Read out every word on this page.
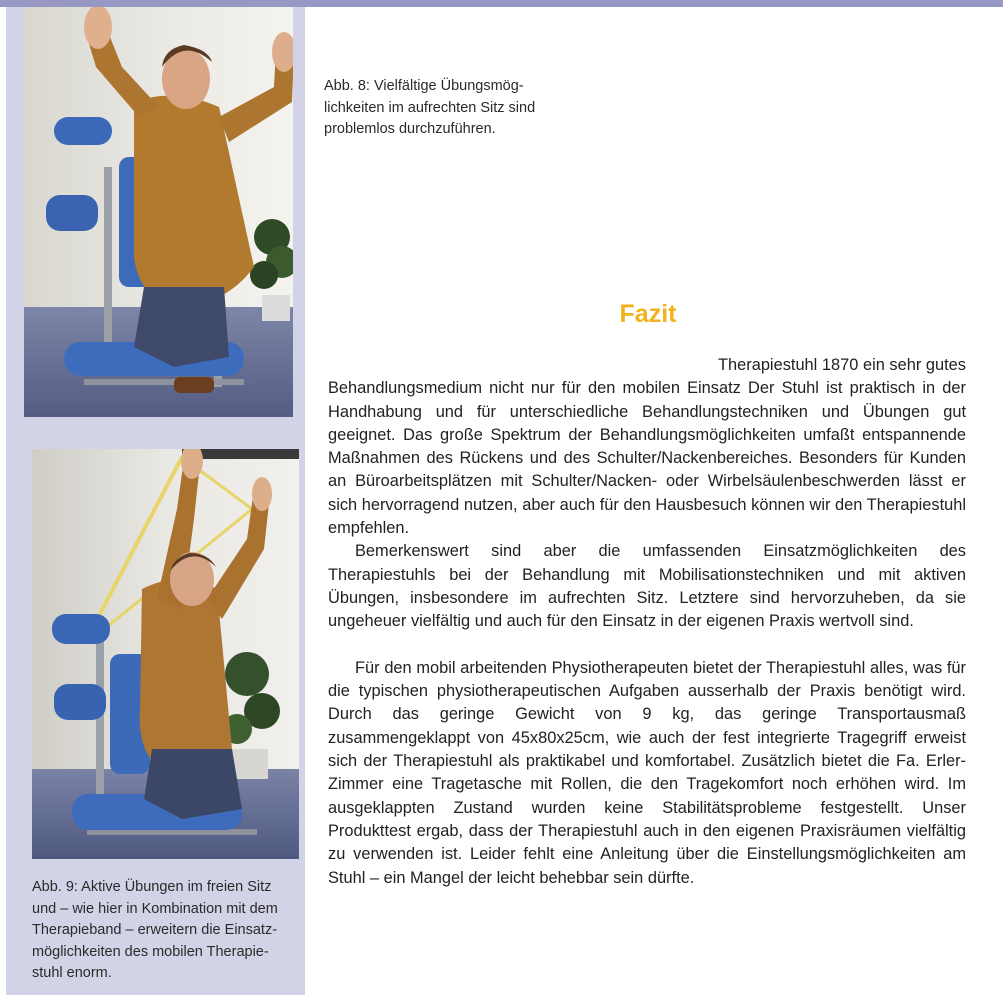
Abb. 8: Vielfältige Übungsmög-

lichkeiten im aufrechten Sitz sind

problemlos durchzuführen.

Abb. 9: Aktive Übungen im freien Sitz

und – wie hier in Kombination mit dem

Therapieband – erweitern die Einsatz-

möglichkeiten des mobilen Therapie-

stuhl enorm.

Fazit

Therapiestuhl 1870 ein sehr gutes Behandlungsmedium nicht nur für den mobilen Einsatz Der Stuhl ist praktisch in der Handhabung und für unterschiedliche Behandlungstechniken und Übungen gut geeignet. Das große Spektrum der Behandlungsmöglichkeiten umfaßt entspannende Maßnahmen des Rückens und des Schulter/Nackenbereiches. Besonders für Kunden an Büroarbeitsplätzen mit Schulter/Nacken- oder Wirbelsäulenbeschwerden lässt er sich hervorragend nutzen, aber auch für den Hausbesuch können wir den Therapiestuhl empfehlen.

Bemerkenswert sind aber die umfassenden Einsatzmöglichkeiten des Therapiestuhls bei der Behandlung mit Mobilisationstechniken und mit aktiven Übungen, insbesondere im aufrechten Sitz. Letztere sind hervorzuheben, da sie ungeheuer vielfältig und auch für den Einsatz in der eigenen Praxis wertvoll sind.

Für den mobil arbeitenden Physiotherapeuten bietet der Therapiestuhl alles, was für die typischen physiotherapeutischen Aufgaben ausserhalb der Praxis benötigt wird. Durch das geringe Gewicht von 9 kg, das geringe Transportausmaß zusammengeklappt von 45x80x25cm, wie auch der fest integrierte Tragegriff erweist sich der Therapiestuhl als praktikabel und komfortabel. Zusätzlich bietet die Fa. Erler-Zimmer eine Tragetasche mit Rollen, die den Tragekomfort noch erhöhen wird. Im ausgeklappten Zustand wurden keine Stabilitätsprobleme festgestellt. Unser Produkttest ergab, dass der Therapiestuhl auch in den eigenen Praxisräumen vielfältig zu verwenden ist. Leider fehlt eine Anleitung über die Einstellungsmöglichkeiten am Stuhl – ein Mangel der leicht behebbar sein dürfte.
